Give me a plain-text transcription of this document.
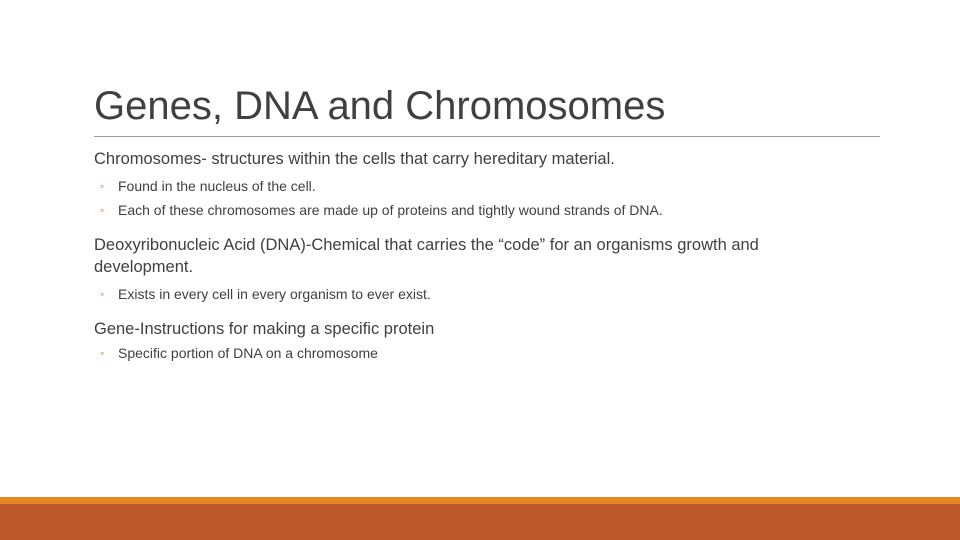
Genes, DNA and Chromosomes

Chromosomes- structures within the cells that carry hereditary material.

◦ Found in the nucleus of the cell.

◦ Each of these chromosomes are made up of proteins and tightly wound strands of DNA.

Deoxyribonucleic Acid (DNA)-Chemical that carries the “code” for an organisms growth and development.

◦ Exists in every cell in every organism to ever exist.

Gene-Instructions for making a specific protein

◦ Specific portion of DNA on a chromosome
